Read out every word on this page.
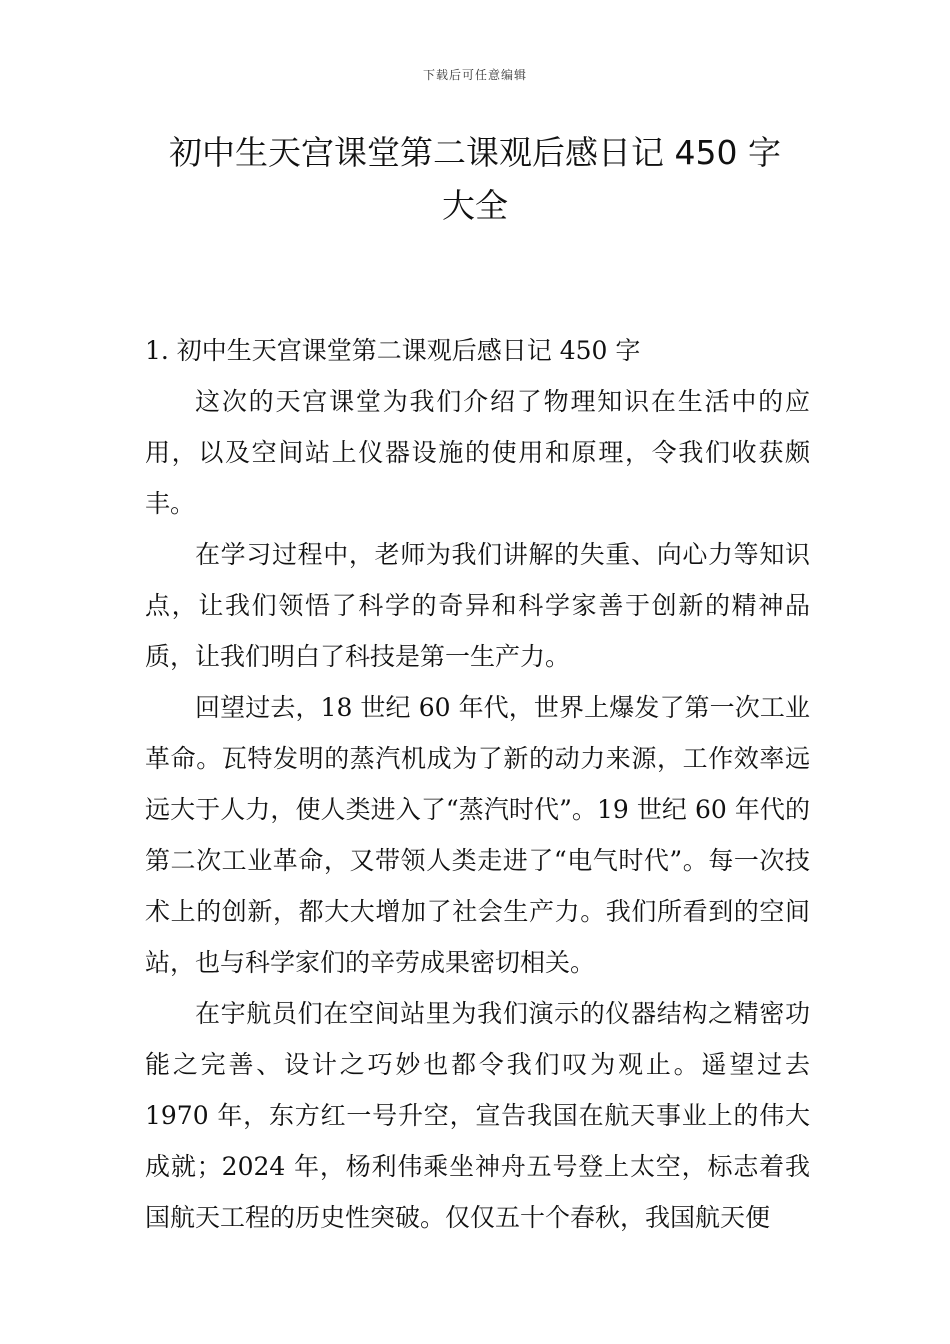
下载后可任意编辑
初中生天宫课堂第二课观后感日记 450 字
大全

1. 初中生天宫课堂第二课观后感日记 450 字

这次的天宫课堂为我们介绍了物理知识在生活中的应用，以及空间站上仪器设施的使用和原理，令我们收获颇丰。

在学习过程中，老师为我们讲解的失重、向心力等知识点，让我们领悟了科学的奇异和科学家善于创新的精神品质，让我们明白了科技是第一生产力。

回望过去，18 世纪 60 年代，世界上爆发了第一次工业革命。瓦特发明的蒸汽机成为了新的动力来源，工作效率远远大于人力，使人类进入了“蒸汽时代”。19 世纪 60 年代的第二次工业革命，又带领人类走进了“电气时代”。每一次技术上的创新，都大大增加了社会生产力。我们所看到的空间站，也与科学家们的辛劳成果密切相关。

在宇航员们在空间站里为我们演示的仪器结构之精密功能之完善、设计之巧妙也都令我们叹为观止。遥望过去 1970 年，东方红一号升空，宣告我国在航天事业上的伟大成就；2024 年，杨利伟乘坐神舟五号登上太空，标志着我国航天工程的历史性突破。仅仅五十个春秋，我国航天便
